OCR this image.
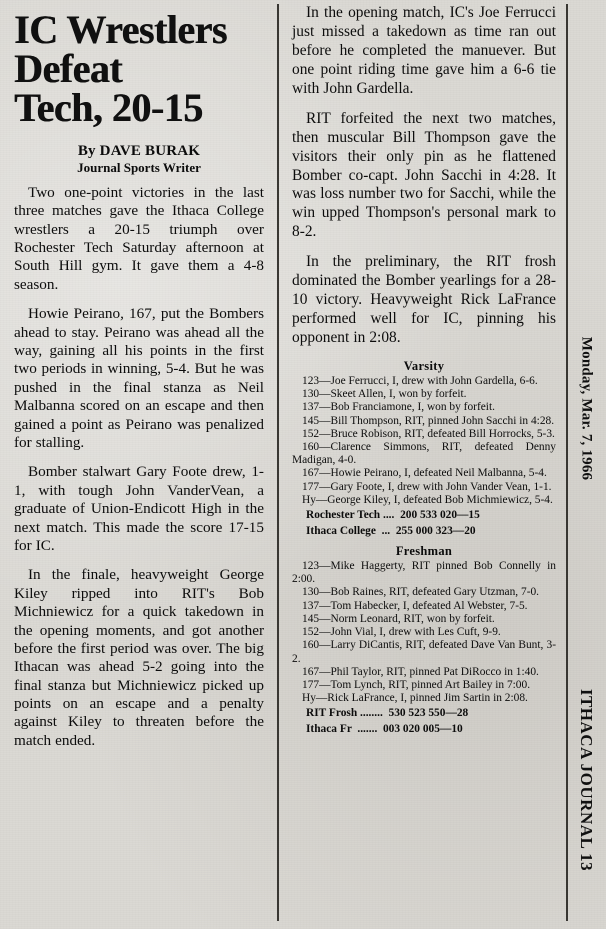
IC Wrestlers
Defeat
Tech, 20-15

By DAVE BURAK

Journal Sports Writer

Two one-point victories in the last three matches gave the Ithaca College wrestlers a 20-15 triumph over Rochester Tech Saturday afternoon at South Hill gym. It gave them a 4-8 season.

Howie Peirano, 167, put the Bombers ahead to stay. Peirano was ahead all the way, gaining all his points in the first two periods in winning, 5-4. But he was pushed in the final stanza as Neil Malbanna scored on an escape and then gained a point as Peirano was penalized for stalling.

Bomber stalwart Gary Foote drew, 1-1, with tough John VanderVean, a graduate of Union-Endicott High in the next match. This made the score 17-15 for IC.

In the finale, heavyweight George Kiley ripped into RIT's Bob Michniewicz for a quick takedown in the opening moments, and got another before the first period was over. The big Ithacan was ahead 5-2 going into the final stanza but Michniewicz picked up points on an escape and a penalty against Kiley to threaten before the match ended.

In the opening match, IC's Joe Ferrucci just missed a takedown as time ran out before he completed the manuever. But one point riding time gave him a 6-6 tie with John Gardella.

RIT forfeited the next two matches, then muscular Bill Thompson gave the visitors their only pin as he flattened Bomber co-capt. John Sacchi in 4:28. It was loss number two for Sacchi, while the win upped Thompson's personal mark to 8-2.

In the preliminary, the RIT frosh dominated the Bomber yearlings for a 28-10 victory. Heavyweight Rick LaFrance performed well for IC, pinning his opponent in 2:08.

Varsity

123—Joe Ferrucci, I, drew with John Gardella, 6-6.

130—Skeet Allen, I, won by forfeit.

137—Bob Franciamone, I, won by forfeit.

145—Bill Thompson, RIT, pinned John Sacchi in 4:28.

152—Bruce Robison, RIT, defeated Bill Horrocks, 5-3.

160—Clarence Simmons, RIT, defeated Denny Madigan, 4-0.

167—Howie Peirano, I, defeated Neil Malbanna, 5-4.

177—Gary Foote, I, drew with John Vander Vean, 1-1.

Hy—George Kiley, I, defeated Bob Michmiewicz, 5-4.

Rochester Tech ....  200 533 020—15

Ithaca College  ...  255 000 323—20

Freshman

123—Mike Haggerty, RIT pinned Bob Connelly in 2:00.

130—Bob Raines, RIT, defeated Gary Utzman, 7-0.

137—Tom Habecker, I, defeated Al Webster, 7-5.

145—Norm Leonard, RIT, won by forfeit.

152—John Vial, I, drew with Les Cuft, 9-9.

160—Larry DiCantis, RIT, defeated Dave Van Bunt, 3-2.

167—Phil Taylor, RIT, pinned Pat DiRocco in 1:40.

177—Tom Lynch, RIT, pinned Art Bailey in 7:00.

Hy—Rick LaFrance, I, pinned Jim Sartin in 2:08.

RIT Frosh ........  530 523 550—28

Ithaca Fr  .......  003 020 005—10

Monday, Mar. 7, 1966
ITHACA JOURNAL 13
